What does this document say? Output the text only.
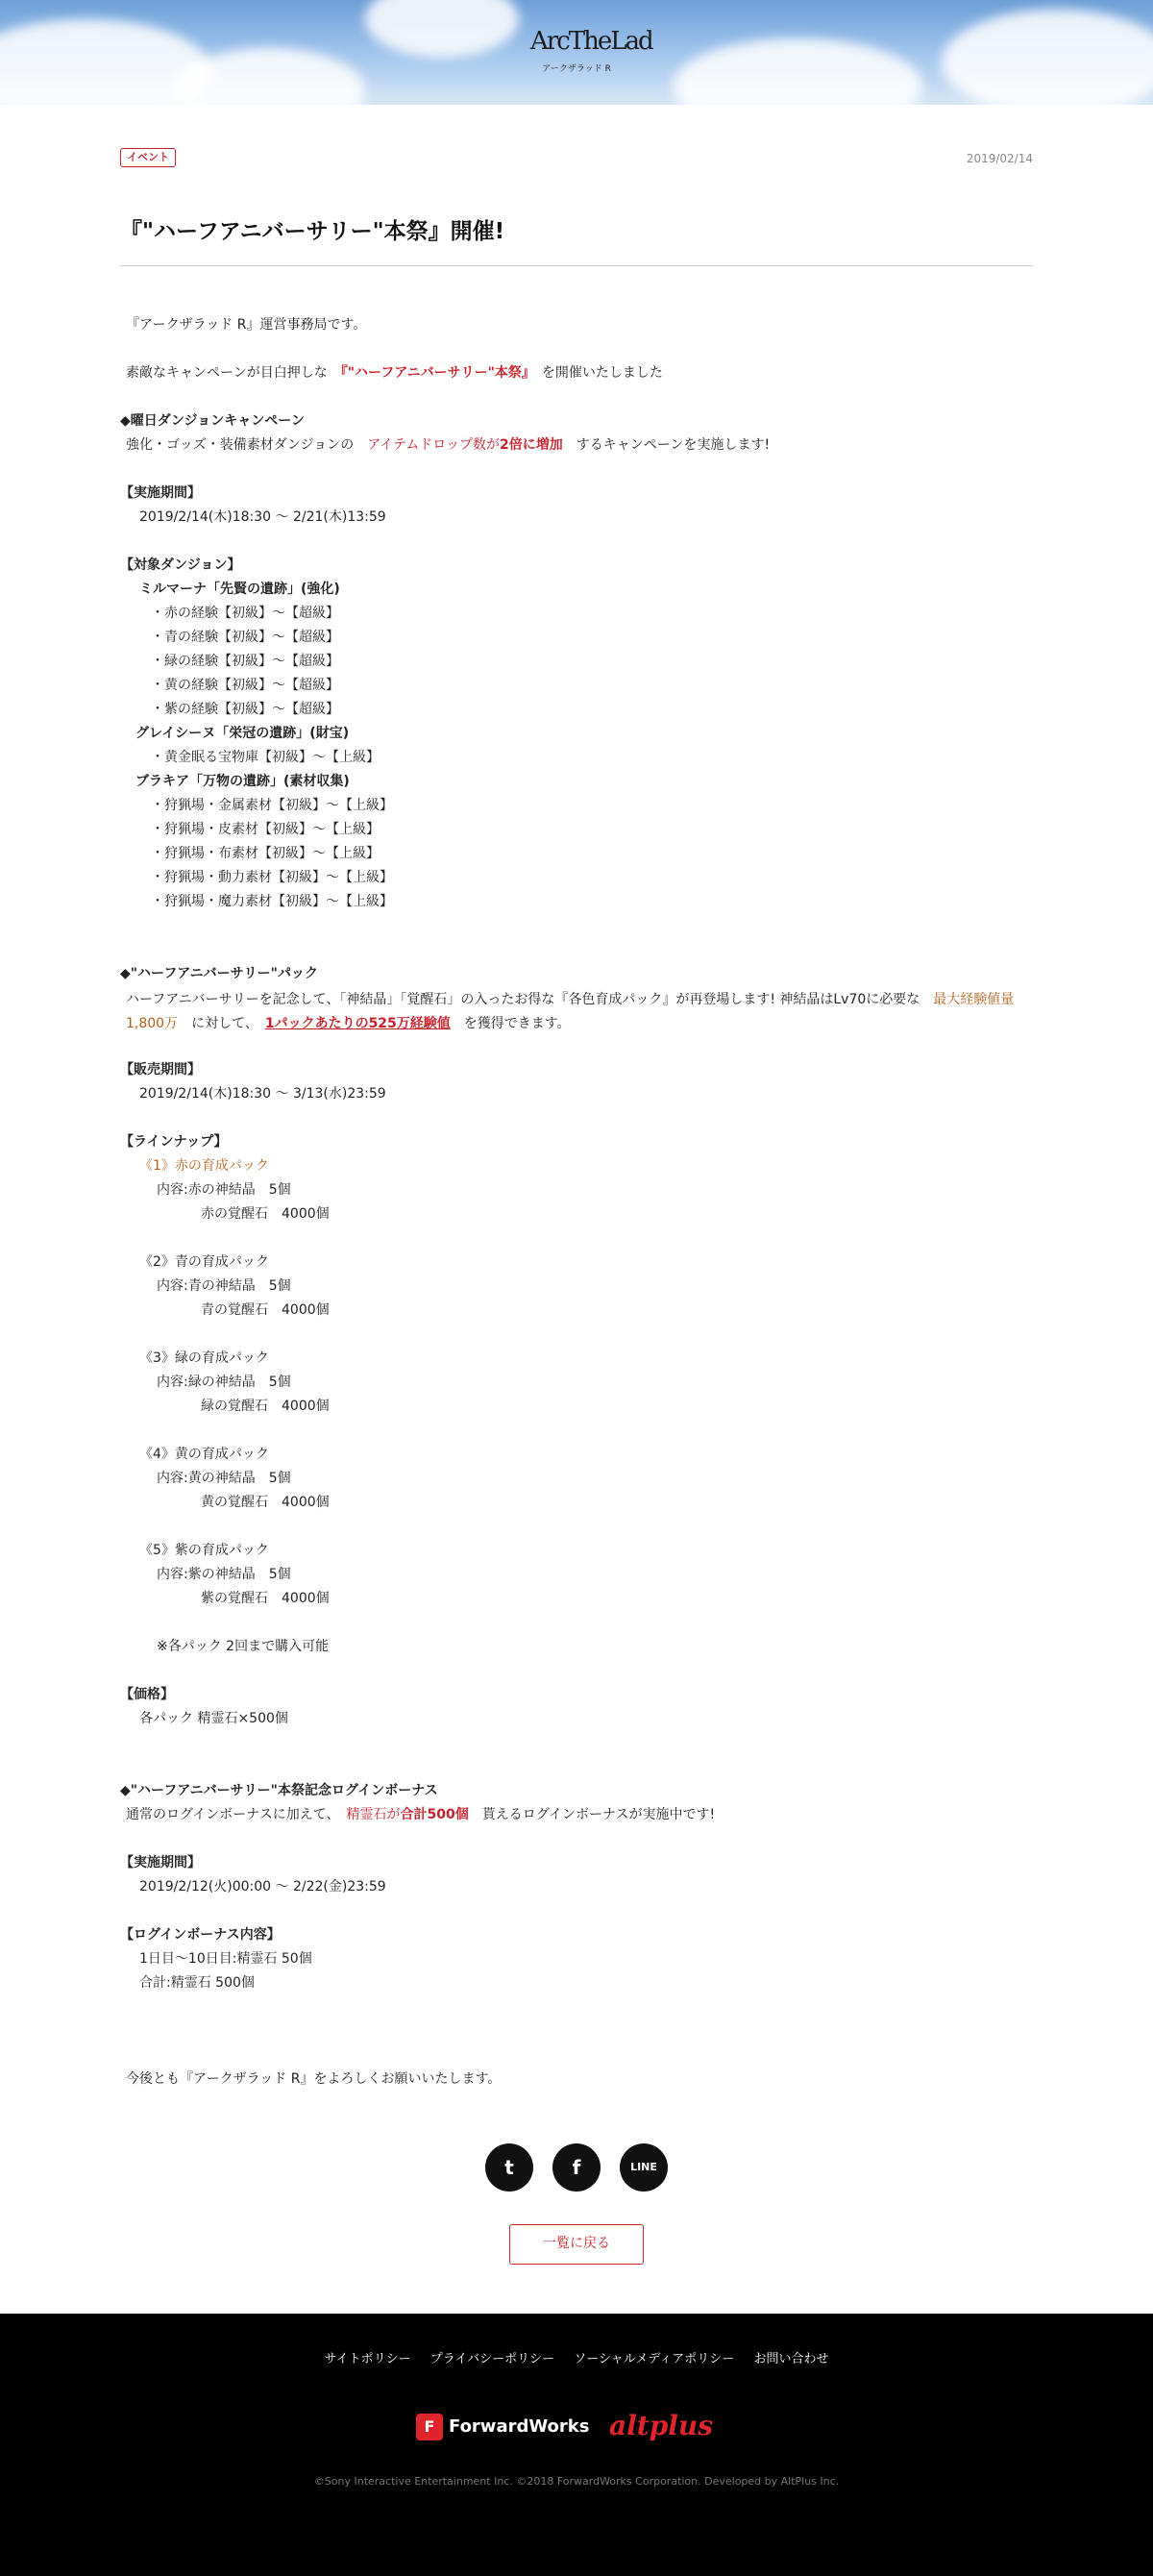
ArcTheLad
アークザラッド R
イベント	2019/02/14
『"ハーフアニバーサリー"本祭』開催!
『アークザラッド R』運営事務局です。
素敵なキャンペーンが目白押しな　 『"ハーフアニバーサリー"本祭』　 を開催いたしました
◆曜日ダンジョンキャンペーン
強化・ゴッズ・装備素材ダンジョンの　 アイテムドロップ数が2倍に増加　 するキャンペーンを実施します!
【実施期間】
2019/2/14(木)18:30 〜 2/21(木)13:59
【対象ダンジョン】
ミルマーナ「先賢の遺跡」(強化)
・赤の経験【初級】〜【超級】
・青の経験【初級】〜【超級】
・緑の経験【初級】〜【超級】
・黄の経験【初級】〜【超級】
・紫の経験【初級】〜【超級】
グレイシーヌ「栄冠の遺跡」(財宝)
・黄金眠る宝物庫【初級】〜【上級】
ブラキア「万物の遺跡」(素材収集)
・狩猟場・金属素材【初級】〜【上級】
・狩猟場・皮素材【初級】〜【上級】
・狩猟場・布素材【初級】〜【上級】
・狩猟場・動力素材【初級】〜【上級】
・狩猟場・魔力素材【初級】〜【上級】
◆"ハーフアニバーサリー"パック
ハーフアニバーサリーを記念して、「神結晶」「覚醒石」の入ったお得な『各色育成パック』が再登場します! 神結晶はLv70に必要な　 最大経験値量1,800万　 に対して、　 1パックあたりの525万経験値　 を獲得できます。
【販売期間】
2019/2/14(木)18:30 〜 3/13(水)23:59
【ラインナップ】
《1》赤の育成パック
内容:赤の神結晶　5個
赤の覚醒石　4000個
《2》青の育成パック
内容:青の神結晶　5個
青の覚醒石　4000個
《3》緑の育成パック
内容:緑の神結晶　5個
緑の覚醒石　4000個
《4》黄の育成パック
内容:黄の神結晶　5個
黄の覚醒石　4000個
《5》紫の育成パック
内容:紫の神結晶　5個
紫の覚醒石　4000個
※各パック 2回まで購入可能
【価格】
各パック 精霊石×500個
◆"ハーフアニバーサリー"本祭記念ログインボーナス
通常のログインボーナスに加えて、　 精霊石が合計500個　 貰えるログインボーナスが実施中です!
【実施期間】
2019/2/12(火)00:00 〜 2/22(金)23:59
【ログインボーナス内容】
1日目〜10日目:精霊石 50個
合計:精霊石 500個
今後とも『アークザラッド R』をよろしくお願いいたします。
t	f	LINE
一覧に戻る
サイトポリシー プライバシーポリシー ソーシャルメディアポリシー お問い合わせ
F ForwardWorks altplus
©Sony Interactive Entertainment Inc. ©2018 ForwardWorks Corporation. Developed by AltPlus Inc.
